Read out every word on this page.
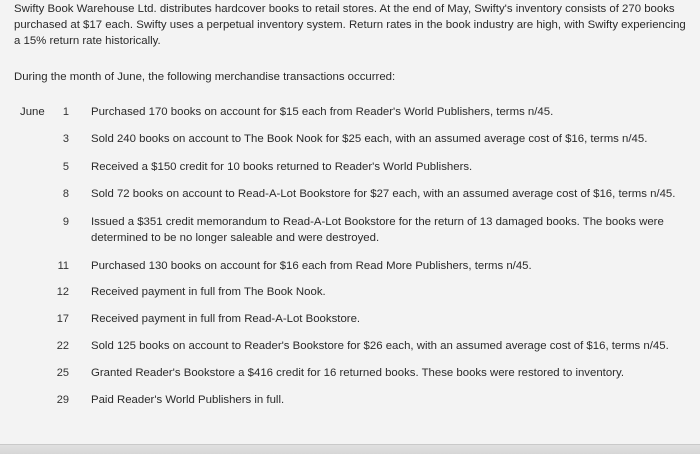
Swifty Book Warehouse Ltd. distributes hardcover books to retail stores. At the end of May, Swifty's inventory consists of 270 books purchased at $17 each. Swifty uses a perpetual inventory system. Return rates in the book industry are high, with Swifty experiencing a 15% return rate historically.

During the month of June, the following merchandise transactions occurred:

June	1 Purchased 170 books on account for $15 each from Reader's World Publishers, terms n/45.
3 Sold 240 books on account to The Book Nook for $25 each, with an assumed average cost of $16, terms n/45.
5 Received a $150 credit for 10 books returned to Reader's World Publishers.
8 Sold 72 books on account to Read-A-Lot Bookstore for $27 each, with an assumed average cost of $16, terms n/45.
9 Issued a $351 credit memorandum to Read-A-Lot Bookstore for the return of 13 damaged books. The books were determined to be no longer saleable and were destroyed.
11 Purchased 130 books on account for $16 each from Read More Publishers, terms n/45.
12 Received payment in full from The Book Nook.
17 Received payment in full from Read-A-Lot Bookstore.
22 Sold 125 books on account to Reader's Bookstore for $26 each, with an assumed average cost of $16, terms n/45.
25 Granted Reader's Bookstore a $416 credit for 16 returned books. These books were restored to inventory.
29 Paid Reader's World Publishers in full.
